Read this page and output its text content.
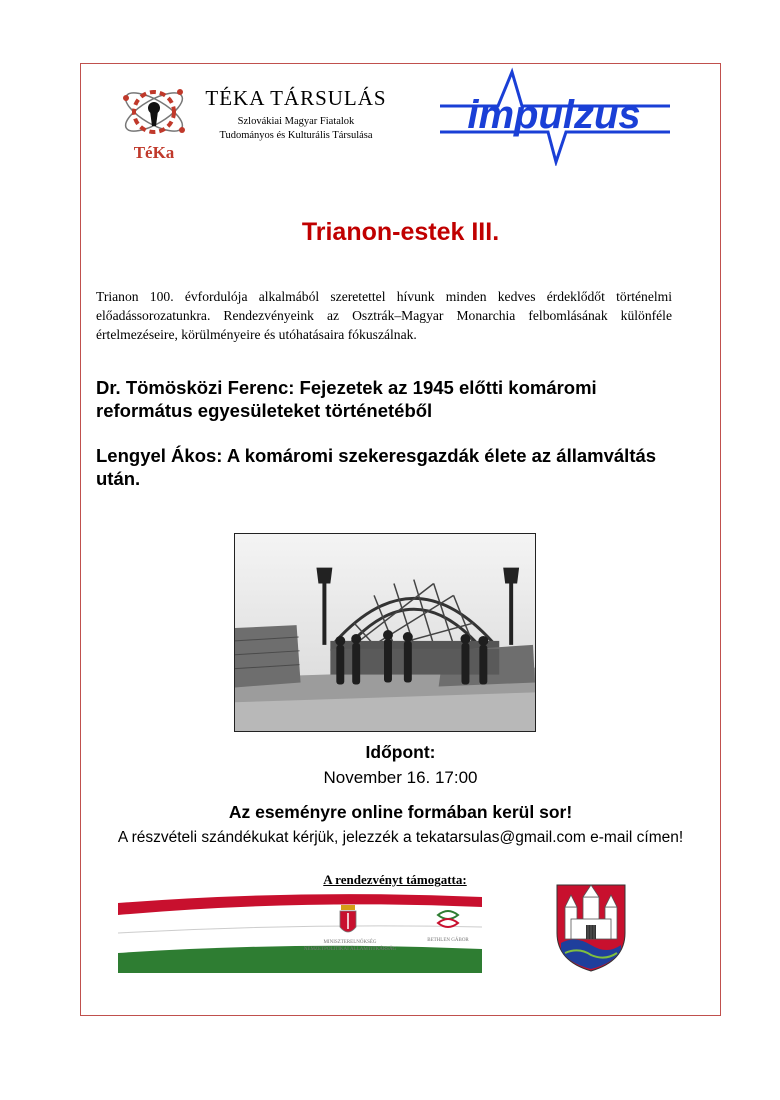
TéKa
TÉKA TÁRSULÁS
Szlovákiai Magyar Fiatalok
Tudományos és Kulturális Társulása	impulzus
Trianon-estek III.
Trianon 100. évfordulója alkalmából szeretettel hívunk minden kedves érdeklődőt történelmi előadássorozatunkra. Rendezvényeink az Osztrák–Magyar Monarchia felbomlásának különféle értelmezéseire, körülményeire és utóhatásaira fókuszálnak.
Dr. Tömösközi Ferenc: Fejezetek az 1945 előtti komáromi református egyesületeket történetéből
Lengyel Ákos: A komáromi szekeresgazdák élete az államváltás után.
Időpont:
November 16. 17:00
Az eseményre online formában kerül sor!
A részvételi szándékukat kérjük, jelezzék a tekatarsulas@gmail.com e-mail címen!
A rendezvényt támogatta:
MINISZTERELNÖKSÉG
NEMZETPOLITIKAI ÁLLAMTITKÁRSÁG
BETHLEN GÁBOR
